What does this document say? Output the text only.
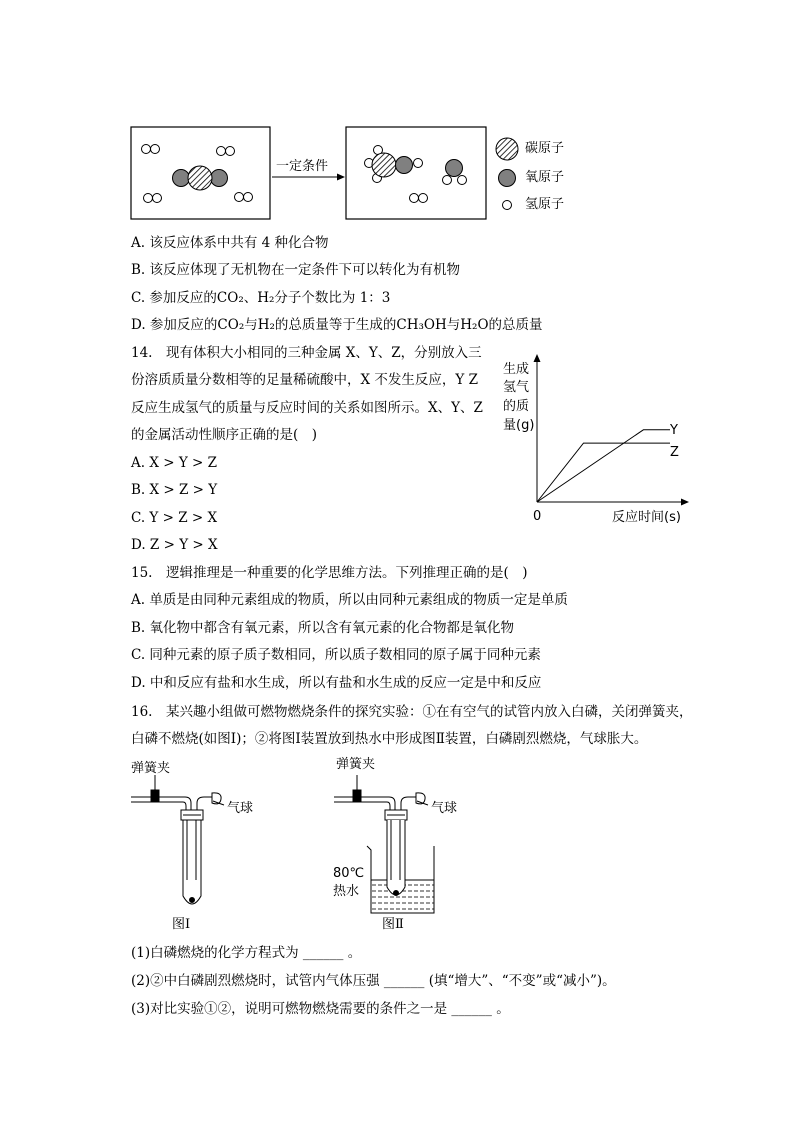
一定条件
碳原子
氧原子
氢原子
A. 该反应体系中共有 4 种化合物
B. 该反应体现了无机物在一定条件下可以转化为有机物
C. 参加反应的CO₂、H₂分子个数比为 1：3
D. 参加反应的CO₂与H₂的总质量等于生成的CH₃OH与H₂O的总质量
14.　现有体积大小相同的三种金属 X、Y、Z，分别放入三
份溶质质量分数相等的足量稀硫酸中，X 不发生反应，Y Z
反应生成氢气的质量与反应时间的关系如图所示。X、Y、Z
的金属活动性顺序正确的是(　)
A. X > Y > Z
B. X > Z > Y
C. Y > Z > X
D. Z > Y > X
生成
氢气
的质
量(g)	Y
Z
0	反应时间(s)
15.　逻辑推理是一种重要的化学思维方法。下列推理正确的是(　)
A. 单质是由同种元素组成的物质，所以由同种元素组成的物质一定是单质
B. 氧化物中都含有氧元素，所以含有氧元素的化合物都是氧化物
C. 同种元素的原子质子数相同，所以质子数相同的原子属于同种元素
D. 中和反应有盐和水生成，所以有盐和水生成的反应一定是中和反应
16.　某兴趣小组做可燃物燃烧条件的探究实验：①在有空气的试管内放入白磷，关闭弹簧夹，
白磷不燃烧(如图Ⅰ)；②将图Ⅰ装置放到热水中形成图Ⅱ装置，白磷剧烈燃烧，气球胀大。
弹簧夹
气球
图Ⅰ
弹簧夹
气球
80℃
热水
图Ⅱ
(1)白磷燃烧的化学方程式为 ______ 。
(2)②中白磷剧烈燃烧时，试管内气体压强 ______ (填“增大”、“不变”或“减小”)。
(3)对比实验①②，说明可燃物燃烧需要的条件之一是 ______ 。
